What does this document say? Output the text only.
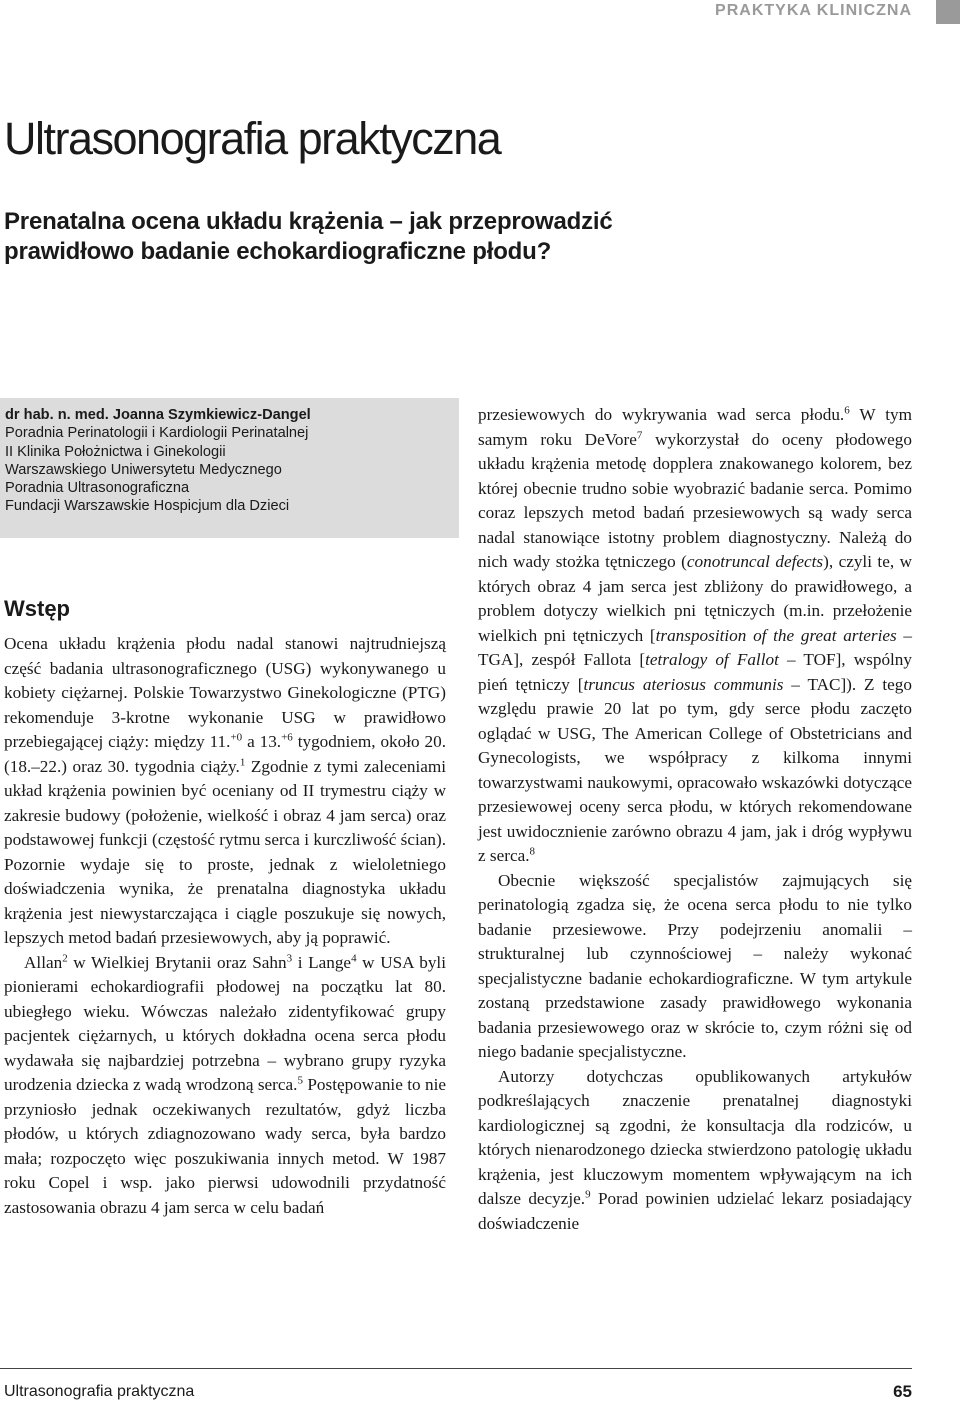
PRAKTYKA KLINICZNA
Ultrasonografia praktyczna
Prenatalna ocena układu krążenia – jak przeprowadzić
prawidłowo badanie echokardiograficzne płodu?
dr hab. n. med. Joanna Szymkiewicz-Dangel
Poradnia Perinatologii i Kardiologii Perinatalnej
II Klinika Położnictwa i Ginekologii
Warszawskiego Uniwersytetu Medycznego
Poradnia Ultrasonograficzna
Fundacji Warszawskie Hospicjum dla Dzieci
Wstęp

Ocena układu krążenia płodu nadal stanowi najtrudniejszą część badania ultrasonograficznego (USG) wykonywanego u kobiety ciężarnej. Polskie Towarzystwo Ginekologiczne (PTG) rekomenduje 3-krotne wykonanie USG w prawidłowo przebiegającej ciąży: między 11.$^{+0}$ a 13.$^{+6}$ tygodniem, około 20. (18.–22.) oraz 30. tygodnia ciąży.$^1$ Zgodnie z tymi zaleceniami układ krążenia powinien być oceniany od II trymestru ciąży w zakresie budowy (położenie, wielkość i obraz 4 jam serca) oraz podstawowej funkcji (częstość rytmu serca i kurczliwość ścian). Pozornie wydaje się to proste, jednak z wieloletniego doświadczenia wynika, że prenatalna diagnostyka układu krążenia jest niewystarczająca i ciągle poszukuje się nowych, lepszych metod badań przesiewowych, aby ją poprawić.

Allan$^2$ w Wielkiej Brytanii oraz Sahn$^3$ i Lange$^4$ w USA byli pionierami echokardiografii płodowej na początku lat 80. ubiegłego wieku. Wówczas należało zidentyfikować grupy pacjentek ciężarnych, u których dokładna ocena serca płodu wydawała się najbardziej potrzebna – wybrano grupy ryzyka urodzenia dziecka z wadą wrodzoną serca.$^5$ Postępowanie to nie przyniosło jednak oczekiwanych rezultatów, gdyż liczba płodów, u których zdiagnozowano wady serca, była bardzo mała; rozpoczęto więc poszukiwania innych metod. W 1987 roku Copel i wsp. jako pierwsi udowodnili przydatność zastosowania obrazu 4 jam serca w celu badań

przesiewowych do wykrywania wad serca płodu.$^6$ W tym samym roku DeVore$^7$ wykorzystał do oceny płodowego układu krążenia metodę dopplera znakowanego kolorem, bez której obecnie trudno sobie wyobrazić badanie serca. Pomimo coraz lepszych metod badań przesiewowych są wady serca nadal stanowiące istotny problem diagnostyczny. Należą do nich wady stożka tętniczego (conotruncal defects), czyli te, w których obraz 4 jam serca jest zbliżony do prawidłowego, a problem dotyczy wielkich pni tętniczych (m.in. przełożenie wielkich pni tętniczych [transposition of the great arteries – TGA], zespół Fallota [tetralogy of Fallot – TOF], wspólny pień tętniczy [truncus ateriosus communis – TAC]). Z tego względu prawie 20 lat po tym, gdy serce płodu zaczęto oglądać w USG, The American College of Obstetricians and Gynecologists, we współpracy z kilkoma innymi towarzystwami naukowymi, opracowało wskazówki dotyczące przesiewowej oceny serca płodu, w których rekomendowane jest uwidocznienie zarówno obrazu 4 jam, jak i dróg wypływu z serca.$^8$

Obecnie większość specjalistów zajmujących się perinatologią zgadza się, że ocena serca płodu to nie tylko badanie przesiewowe. Przy podejrzeniu anomalii – strukturalnej lub czynnościowej – należy wykonać specjalistyczne badanie echokardiograficzne. W tym artykule zostaną przedstawione zasady prawidłowego wykonania badania przesiewowego oraz w skrócie to, czym różni się od niego badanie specjalistyczne.

Autorzy dotychczas opublikowanych artykułów podkreślających znaczenie prenatalnej diagnostyki kardiologicznej są zgodni, że konsultacja dla rodziców, u których nienarodzonego dziecka stwierdzono patologię układu krążenia, jest kluczowym momentem wpływającym na ich dalsze decyzje.$^9$ Porad powinien udzielać lekarz posiadający doświadczenie

Ultrasonografia praktyczna	65
